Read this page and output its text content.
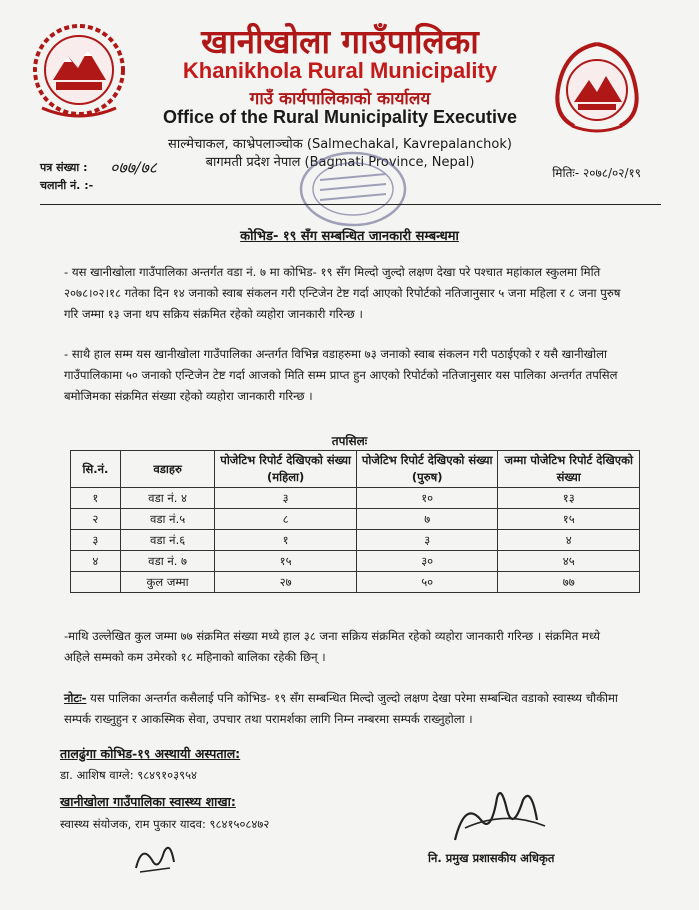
खानीखोला गाउँपालिका
Khanikhola Rural Municipality
गाउँ कार्यपालिकाको कार्यालय
Office of the Rural Municipality Executive
साल्मेचाकल, काभ्रेपलाञ्चोक (Salmechakal, Kavrepalanchok)
बागमती प्रदेश नेपाल (Bagmati Province, Nepal)
पत्र संख्या : ०७७/७८
चलानी नं. :-
मितिः- २०७८/०२/१९
कोभिड- १९ सँग सम्बन्धित जानकारी सम्बन्धमा
- यस खानीखोला गाउँपालिका अन्तर्गत वडा नं. ७ मा कोभिड- १९ सँग मिल्दो जुल्दो लक्षण देखा परे पश्चात महांकाल स्कुलमा मिति २०७८।०२।१८ गतेका दिन १४ जनाको स्वाब संकलन गरी एन्टिजेन टेष्ट गर्दा आएको रिपोर्टको नतिजानुसार ५ जना महिला र ८ जना पुरुष गरि जम्मा १३ जना थप सक्रिय संक्रमित रहेको व्यहोरा जानकारी गरिन्छ ।
- साथै हाल सम्म यस खानीखोला गाउँपालिका अन्तर्गत विभिन्न वडाहरुमा ७३ जनाको स्वाब संकलन गरी पठाईएको र यसै खानीखोला गाउँपालिकामा ५० जनाको एन्टिजेन टेष्ट गर्दा आजको मिति सम्म प्राप्त हुन आएको रिपोर्टको नतिजानुसार यस पालिका अन्तर्गत तपसिल बमोजिमका संक्रमित संख्या रहेको व्यहोरा जानकारी गरिन्छ ।
तपसिलः
सि.नं.	वडाहरु	पोजेटिभ रिपोर्ट देखिएको संख्या (महिला)	पोजेटिभ रिपोर्ट देखिएको संख्या (पुरुष)	जम्मा पोजेटिभ रिपोर्ट देखिएको संख्या
१	वडा नं. ४	३	१०	१३
२	वडा नं.५	८	७	१५
३	वडा नं.६	१	३	४
४	वडा नं. ७	१५	३०	४५
	कुल जम्मा	२७	५०	७७
-माथि उल्लेखित कुल जम्मा ७७ संक्रमित संख्या मध्ये हाल ३८ जना सक्रिय संक्रमित रहेको व्यहोरा जानकारी गरिन्छ । संक्रमित मध्ये अहिले सम्मको कम उमेरको १८ महिनाको बालिका रहेकी छिन् ।
नोटः- यस पालिका अन्तर्गत कसैलाई पनि कोभिड- १९ सँग सम्बन्धित मिल्दो जुल्दो लक्षण देखा परेमा सम्बन्धित वडाको स्वास्थ्य चौकीमा सम्पर्क राख्नुहुन र आकस्मिक सेवा, उपचार तथा परामर्शका लागि निम्न नम्बरमा सम्पर्क राख्नुहोला ।
तालढुंगा कोभिड-१९ अस्थायी अस्पताल:
डा. आशिष वाग्ले: ९८४९१०३९५४
खानीखोला गाउँपालिका स्वास्थ्य शाखा:
स्वास्थ्य संयोजक, राम पुकार यादव: ९८४१५०८४७२
नि. प्रमुख प्रशासकीय अधिकृत
